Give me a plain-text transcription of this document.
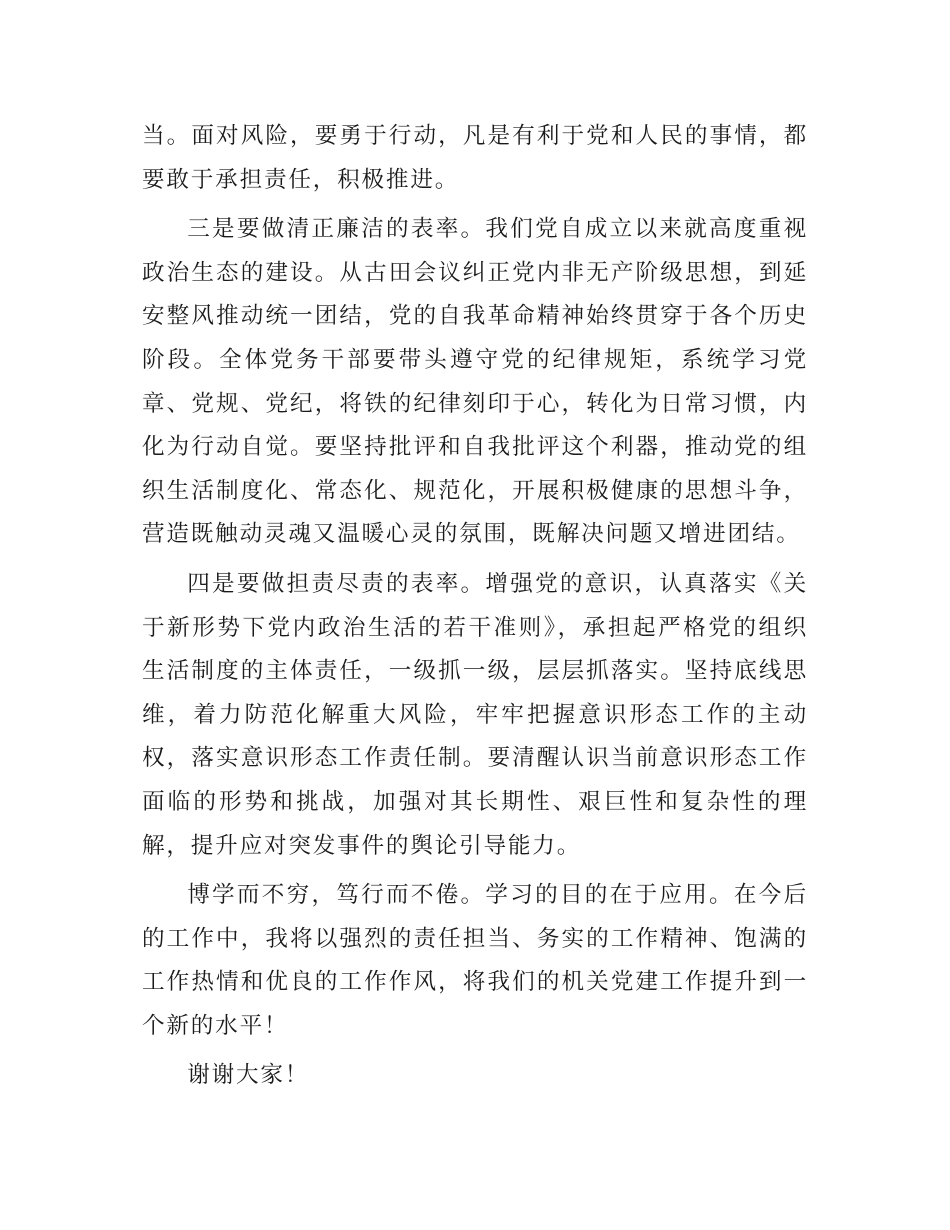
当。面对风险，要勇于行动，凡是有利于党和人民的事情，都要敢于承担责任，积极推进。

三是要做清正廉洁的表率。我们党自成立以来就高度重视政治生态的建设。从古田会议纠正党内非无产阶级思想，到延安整风推动统一团结，党的自我革命精神始终贯穿于各个历史阶段。全体党务干部要带头遵守党的纪律规矩，系统学习党章、党规、党纪，将铁的纪律刻印于心，转化为日常习惯，内化为行动自觉。要坚持批评和自我批评这个利器，推动党的组织生活制度化、常态化、规范化，开展积极健康的思想斗争，营造既触动灵魂又温暖心灵的氛围，既解决问题又增进团结。

四是要做担责尽责的表率。增强党的意识，认真落实《关于新形势下党内政治生活的若干准则》，承担起严格党的组织生活制度的主体责任，一级抓一级，层层抓落实。坚持底线思维，着力防范化解重大风险，牢牢把握意识形态工作的主动权，落实意识形态工作责任制。要清醒认识当前意识形态工作面临的形势和挑战，加强对其长期性、艰巨性和复杂性的理解，提升应对突发事件的舆论引导能力。

博学而不穷，笃行而不倦。学习的目的在于应用。在今后的工作中，我将以强烈的责任担当、务实的工作精神、饱满的工作热情和优良的工作作风，将我们的机关党建工作提升到一个新的水平！

谢谢大家！
